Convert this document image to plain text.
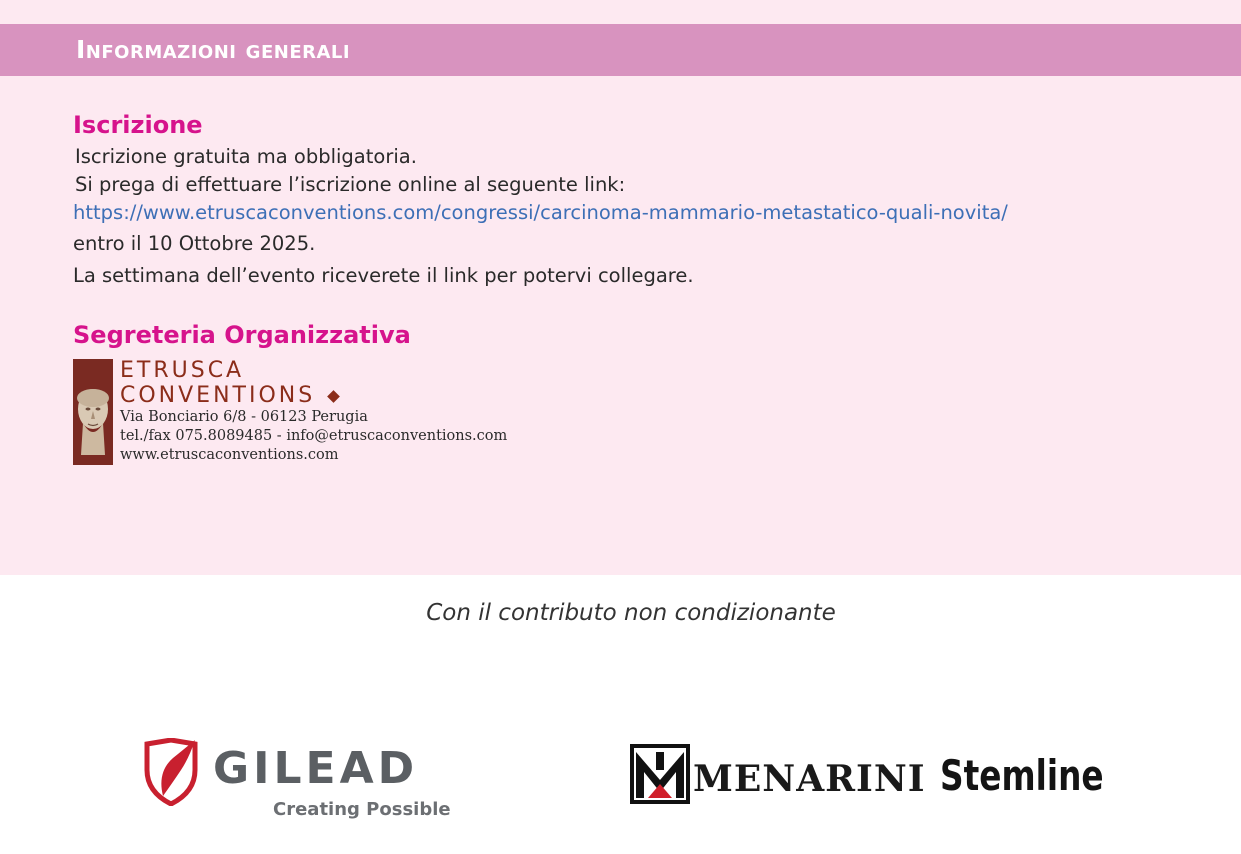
Informazioni generali
Iscrizione

Iscrizione gratuita ma obbligatoria.

Si prega di effettuare l’iscrizione online al seguente link:

https://www.etruscaconventions.com/congressi/carcinoma-mammario-metastatico-quali-novita/

entro il 10 Ottobre 2025.

La settimana dell’evento riceverete il link per potervi collegare.

Segreteria Organizzativa

ETRUSCA

CONVENTIONS

Via Bonciario 6/8 - 06123 Perugia

tel./fax 075.8089485 - info@etruscaconventions.com

www.etruscaconventions.com

Con il contributo non condizionante

GILEAD

Creating Possible

MENARINI Stemline
